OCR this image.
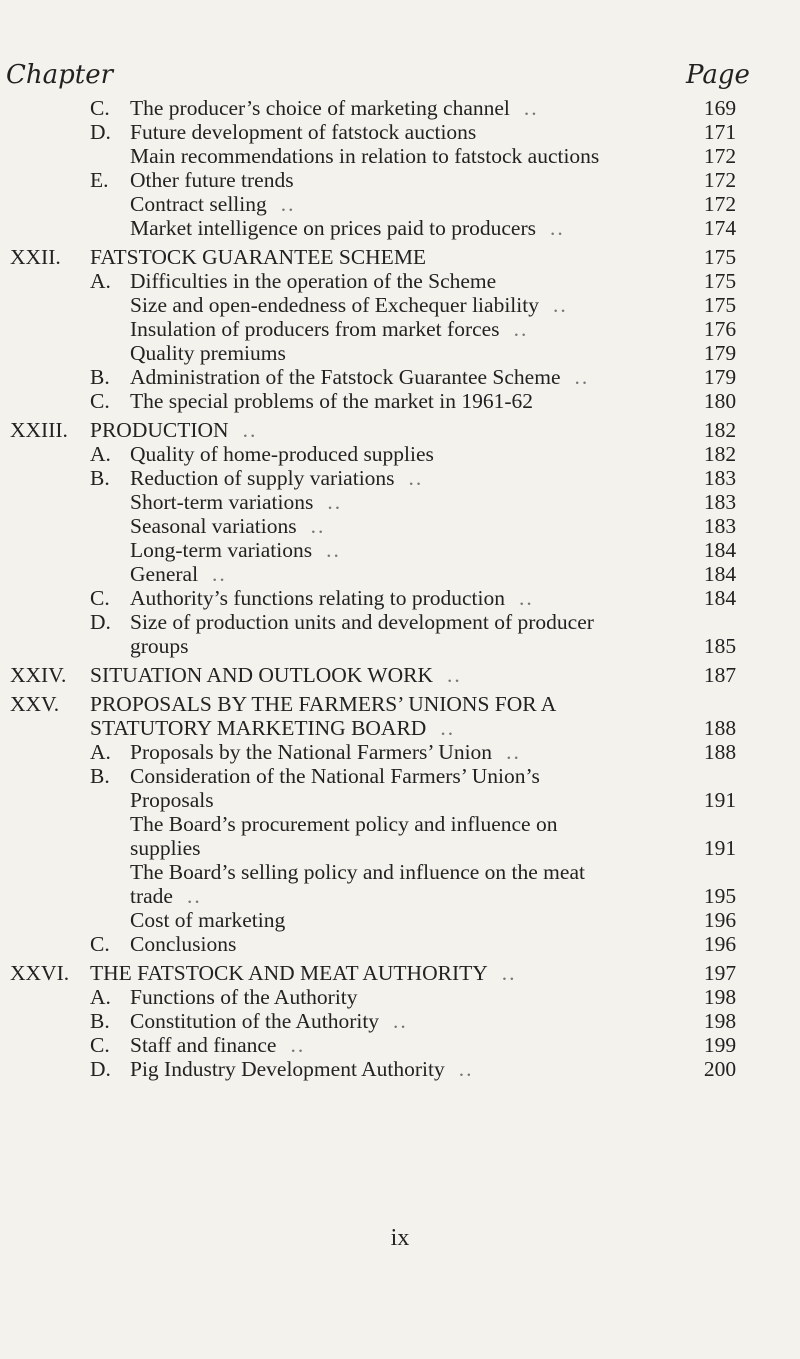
Chapter	Page
C. The producer’s choice of marketing channel ..	169
D. Future development of fatstock auctions	171
Main recommendations in relation to fatstock auctions	172
E. Other future trends	172
Contract selling ..	172
Market intelligence on prices paid to producers ..	174
XXII. FATSTOCK GUARANTEE SCHEME	175
A. Difficulties in the operation of the Scheme	175
Size and open-endedness of Exchequer liability ..	175
Insulation of producers from market forces ..	176
Quality premiums	179
B. Administration of the Fatstock Guarantee Scheme ..	179
C. The special problems of the market in 1961-62	180
XXIII. PRODUCTION ..	182
A. Quality of home-produced supplies	182
B. Reduction of supply variations ..	183
Short-term variations ..	183
Seasonal variations ..	183
Long-term variations ..	184
General ..	184
C. Authority’s functions relating to production ..	184
D. Size of production units and development of producer
groups	185
XXIV. SITUATION AND OUTLOOK WORK ..	187
XXV. PROPOSALS BY THE FARMERS’ UNIONS FOR A
STATUTORY MARKETING BOARD ..	188
A. Proposals by the National Farmers’ Union ..	188
B. Consideration of the National Farmers’ Union’s
Proposals	191
The Board’s procurement policy and influence on
supplies	191
The Board’s selling policy and influence on the meat
trade ..	195
Cost of marketing	196
C. Conclusions	196
XXVI. THE FATSTOCK AND MEAT AUTHORITY ..	197
A. Functions of the Authority	198
B. Constitution of the Authority ..	198
C. Staff and finance ..	199
D. Pig Industry Development Authority ..	200
ix
